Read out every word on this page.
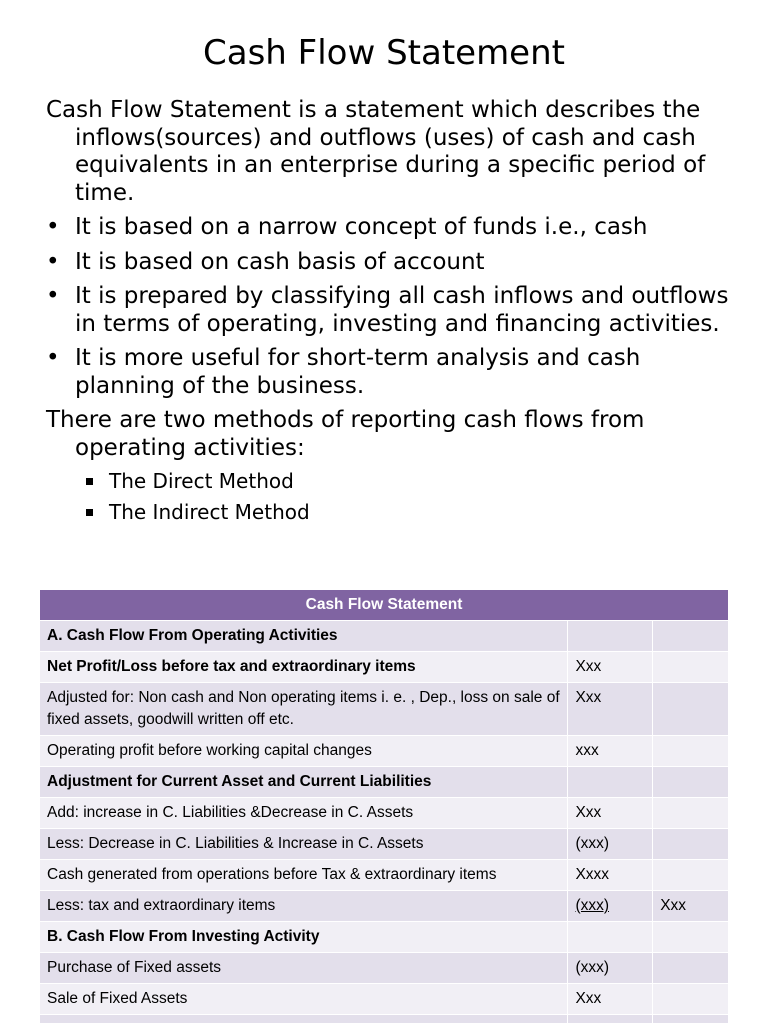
Cash Flow Statement

Cash Flow Statement is a statement which describes the inflows(sources) and outflows (uses) of cash and cash equivalents in an enterprise during a specific period of time.

• It is based on a narrow concept of funds i.e., cash
• It is based on cash basis of account
• It is prepared by classifying all cash inflows and outflows in terms of operating, investing and financing activities.
• It is more useful for short-term analysis and cash planning of the business.

There are two methods of reporting cash flows from operating activities:

The Direct Method
The Indirect Method
Cash Flow Statement		
A. Cash Flow From Operating Activities		
Net Profit/Loss before tax and extraordinary items	Xxx	
Adjusted for: Non cash and Non operating items i. e. , Dep., loss on sale of fixed assets, goodwill written off etc.	Xxx	
Operating profit before working capital changes	xxx	
Adjustment for Current Asset and Current Liabilities		
Add: increase in C. Liabilities &Decrease in C. Assets	Xxx	
Less: Decrease in C. Liabilities & Increase in C. Assets	(xxx)	
Cash generated from operations before Tax & extraordinary items	Xxxx	
Less: tax and extraordinary items	(xxx)	Xxx
B. Cash Flow From Investing Activity		
Purchase of Fixed assets	(xxx)	
Sale of Fixed Assets	Xxx	
